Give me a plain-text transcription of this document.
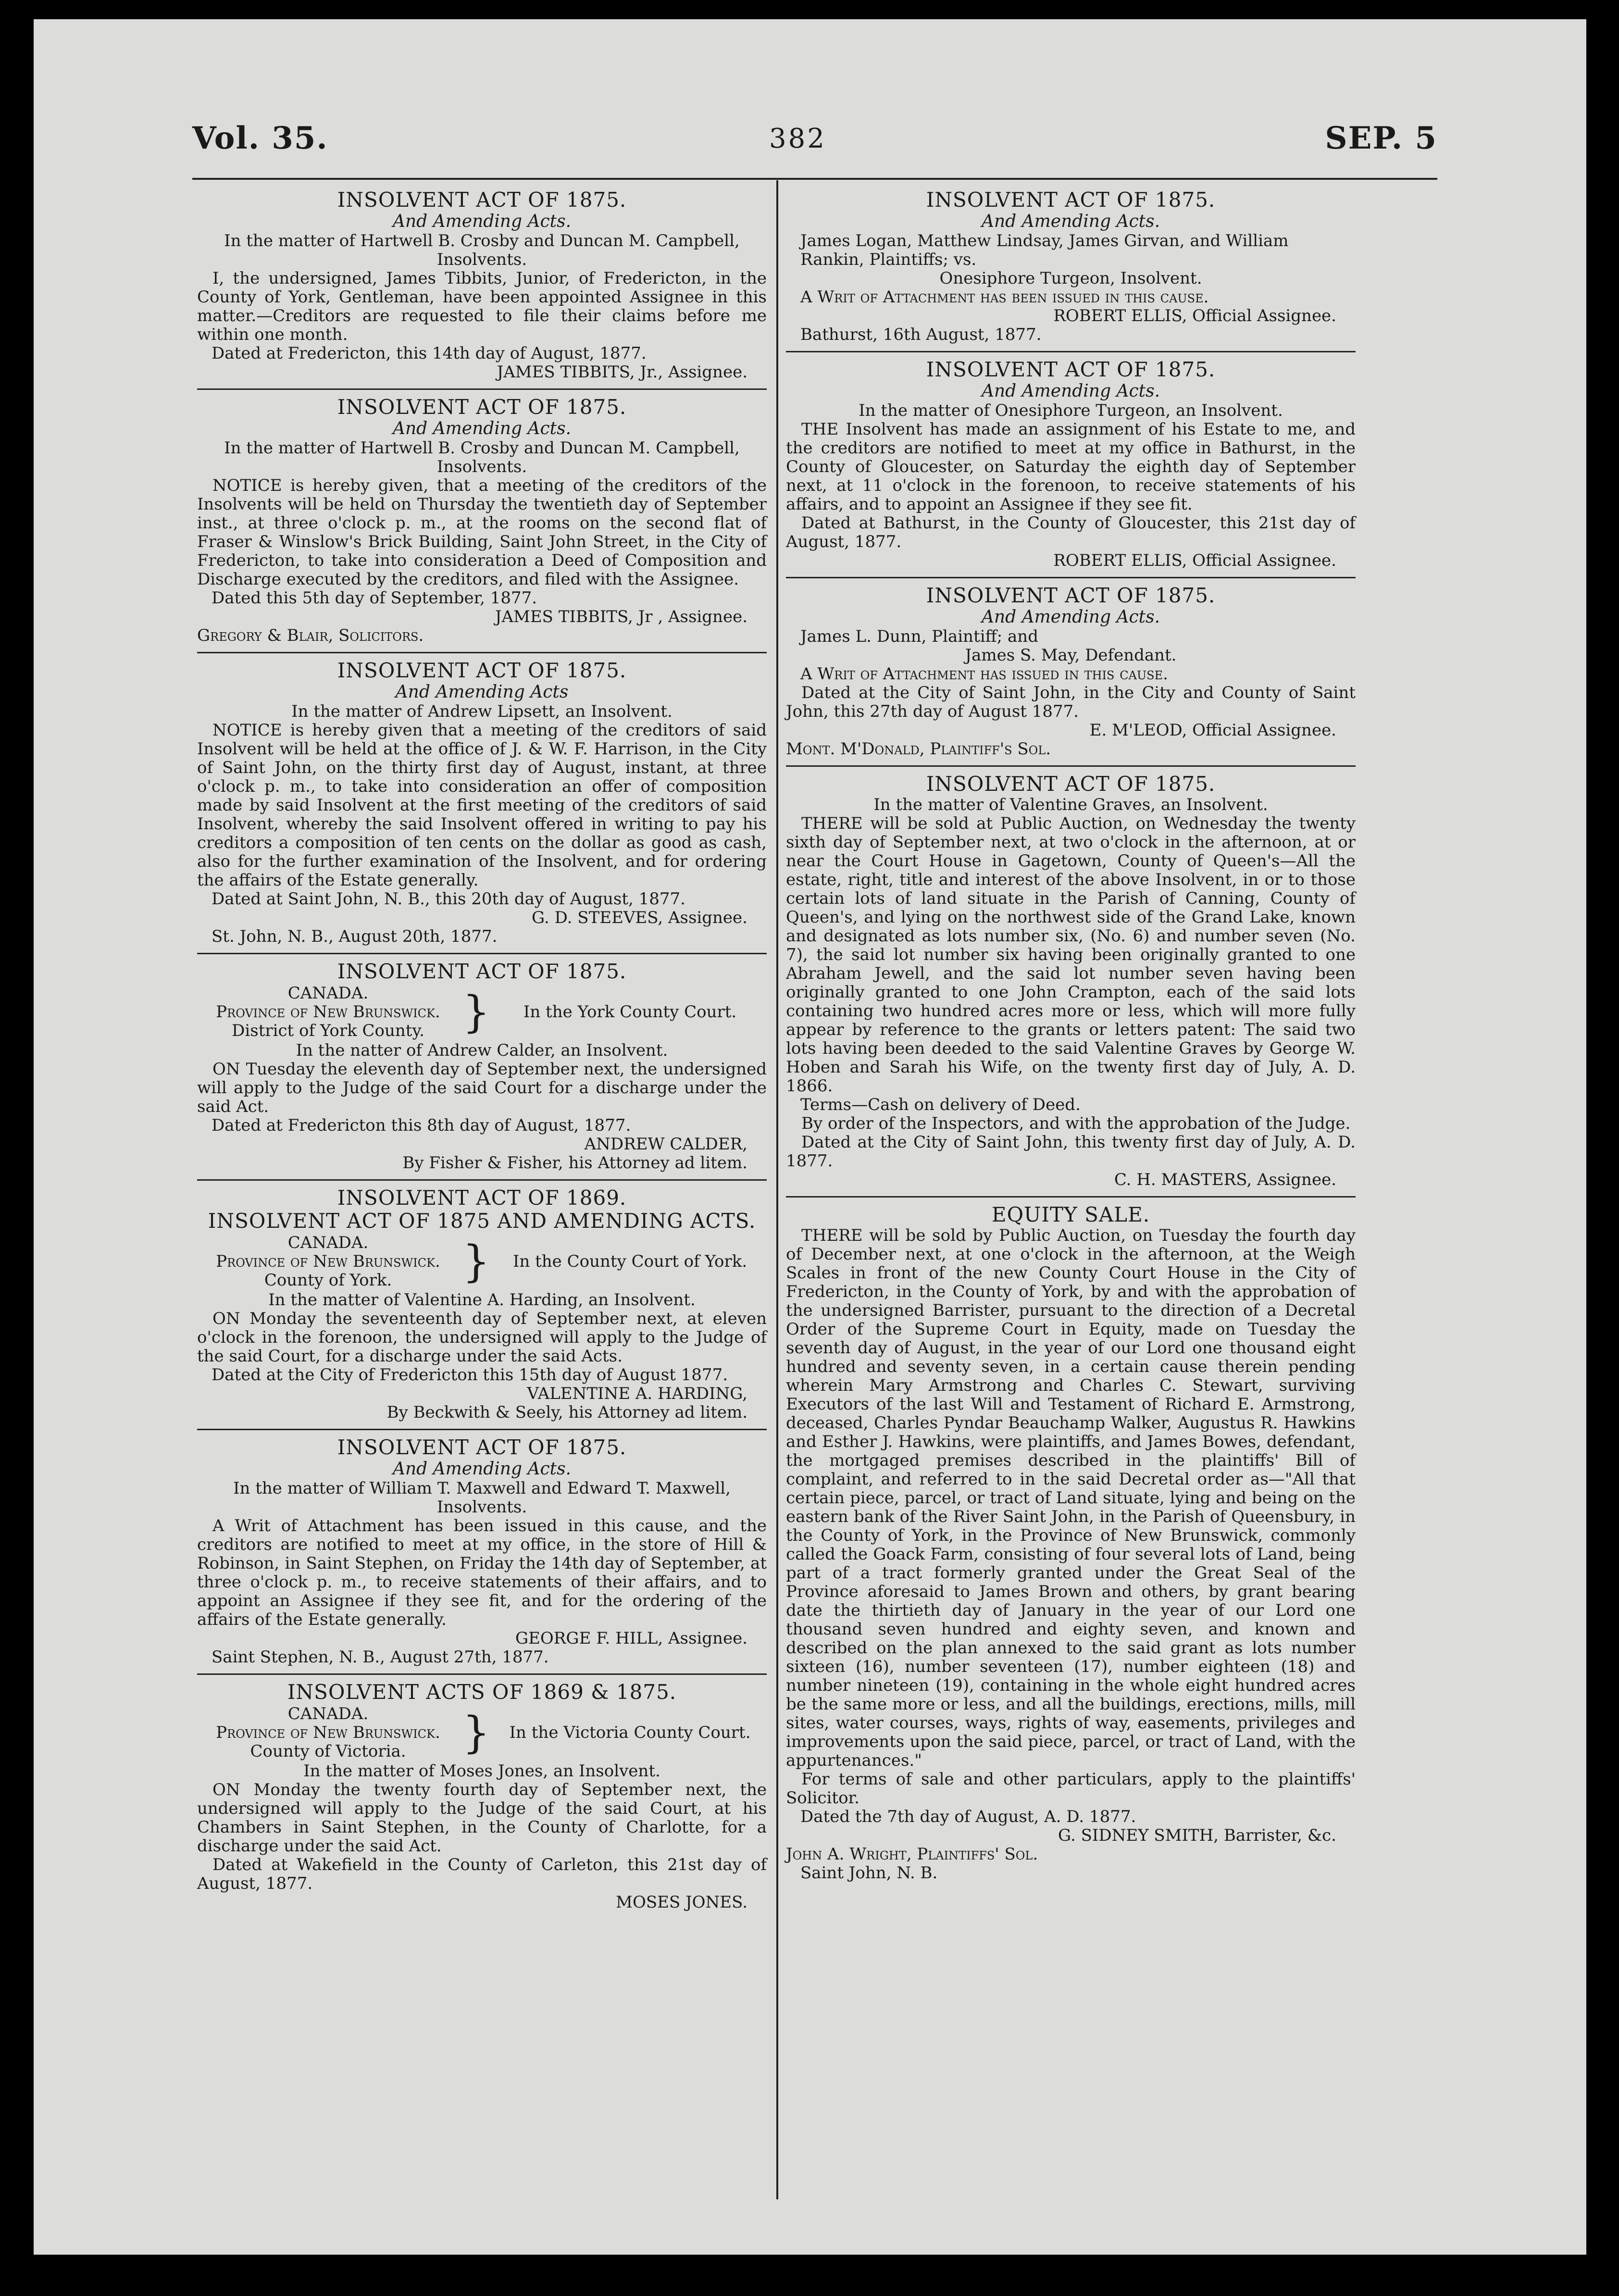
Vol. 35.	382	SEP. 5
INSOLVENT ACT OF 1875.
And Amending Acts.
In the matter of Hartwell B. Crosby and Duncan M. Campbell, Insolvents.
I, the undersigned, James Tibbits, Junior, of Fredericton, in the County of York, Gentleman, have been appointed Assignee in this matter.—Creditors are requested to file their claims before me within one month.
Dated at Fredericton, this 14th day of August, 1877.
JAMES TIBBITS, Jr., Assignee.
INSOLVENT ACT OF 1875.
And Amending Acts.
In the matter of Hartwell B. Crosby and Duncan M. Campbell, Insolvents.
NOTICE is hereby given, that a meeting of the creditors of the Insolvents will be held on Thursday the twentieth day of September inst., at three o'clock p. m., at the rooms on the second flat of Fraser & Winslow's Brick Building, Saint John Street, in the City of Fredericton, to take into consideration a Deed of Composition and Discharge executed by the creditors, and filed with the Assignee.
Dated this 5th day of September, 1877.
JAMES TIBBITS, Jr , Assignee.
Gregory & Blair, Solicitors.
INSOLVENT ACT OF 1875.
And Amending Acts
In the matter of Andrew Lipsett, an Insolvent.
NOTICE is hereby given that a meeting of the creditors of said Insolvent will be held at the office of J. & W. F. Harrison, in the City of Saint John, on the thirty first day of August, instant, at three o'clock p. m., to take into consideration an offer of composition made by said Insolvent at the first meeting of the creditors of said Insolvent, whereby the said Insolvent offered in writing to pay his creditors a composition of ten cents on the dollar as good as cash, also for the further examination of the Insolvent, and for ordering the affairs of the Estate generally.
Dated at Saint John, N. B., this 20th day of August, 1877.
G. D. STEEVES, Assignee.
St. John, N. B., August 20th, 1877.
INSOLVENT ACT OF 1875.
CANADA.
Province of New Brunswick.
District of York County. }	In the York County Court.
In the natter of Andrew Calder, an Insolvent.
ON Tuesday the eleventh day of September next, the undersigned will apply to the Judge of the said Court for a discharge under the said Act.
Dated at Fredericton this 8th day of August, 1877.
ANDREW CALDER,
By Fisher & Fisher, his Attorney ad litem.
INSOLVENT ACT OF 1869.
INSOLVENT ACT OF 1875 AND AMENDING ACTS.
CANADA.
Province of New Brunswick.
County of York.	}	In the County Court of York.
In the matter of Valentine A. Harding, an Insolvent.
ON Monday the seventeenth day of September next, at eleven o'clock in the forenoon, the undersigned will apply to the Judge of the said Court, for a discharge under the said Acts.
Dated at the City of Fredericton this 15th day of August 1877.
VALENTINE A. HARDING,
By Beckwith & Seely, his Attorney ad litem.
INSOLVENT ACT OF 1875.
And Amending Acts.
In the matter of William T. Maxwell and Edward T. Maxwell, Insolvents.
A Writ of Attachment has been issued in this cause, and the creditors are notified to meet at my office, in the store of Hill & Robinson, in Saint Stephen, on Friday the 14th day of September, at three o'clock p. m., to receive statements of their affairs, and to appoint an Assignee if they see fit, and for the ordering of the affairs of the Estate generally.
GEORGE F. HILL, Assignee.
Saint Stephen, N. B., August 27th, 1877.
INSOLVENT ACTS OF 1869 & 1875.
CANADA.
Province of New Brunswick.
County of Victoria.	}	In the Victoria County Court.
In the matter of Moses Jones, an Insolvent.
ON Monday the twenty fourth day of September next, the undersigned will apply to the Judge of the said Court, at his Chambers in Saint Stephen, in the County of Charlotte, for a discharge under the said Act.
Dated at Wakefield in the County of Carleton, this 21st day of August, 1877.
MOSES JONES.
INSOLVENT ACT OF 1875.
And Amending Acts.
James Logan, Matthew Lindsay, James Girvan, and William Rankin, Plaintiffs; vs.
Onesiphore Turgeon, Insolvent.
A Writ of Attachment has been issued in this cause.
ROBERT ELLIS, Official Assignee.
Bathurst, 16th August, 1877.
INSOLVENT ACT OF 1875.
And Amending Acts.
In the matter of Onesiphore Turgeon, an Insolvent.
THE Insolvent has made an assignment of his Estate to me, and the creditors are notified to meet at my office in Bathurst, in the County of Gloucester, on Saturday the eighth day of September next, at 11 o'clock in the forenoon, to receive statements of his affairs, and to appoint an Assignee if they see fit.
Dated at Bathurst, in the County of Gloucester, this 21st day of August, 1877.
ROBERT ELLIS, Official Assignee.
INSOLVENT ACT OF 1875.
And Amending Acts.
James L. Dunn, Plaintiff; and
James S. May, Defendant.
A Writ of Attachment has issued in this cause.
Dated at the City of Saint John, in the City and County of Saint John, this 27th day of August 1877.
E. M'LEOD, Official Assignee.
Mont. M'Donald, Plaintiff's Sol.
INSOLVENT ACT OF 1875.
In the matter of Valentine Graves, an Insolvent.
THERE will be sold at Public Auction, on Wednesday the twenty sixth day of September next, at two o'clock in the afternoon, at or near the Court House in Gagetown, County of Queen's—All the estate, right, title and interest of the above Insolvent, in or to those certain lots of land situate in the Parish of Canning, County of Queen's, and lying on the northwest side of the Grand Lake, known and designated as lots number six, (No. 6) and number seven (No. 7), the said lot number six having been originally granted to one Abraham Jewell, and the said lot number seven having been originally granted to one John Crampton, each of the said lots containing two hundred acres more or less, which will more fully appear by reference to the grants or letters patent: The said two lots having been deeded to the said Valentine Graves by George W. Hoben and Sarah his Wife, on the twenty first day of July, A. D. 1866.
Terms—Cash on delivery of Deed.
By order of the Inspectors, and with the approbation of the Judge.
Dated at the City of Saint John, this twenty first day of July, A. D. 1877.
C. H. MASTERS, Assignee.
EQUITY SALE.
THERE will be sold by Public Auction, on Tuesday the fourth day of December next, at one o'clock in the afternoon, at the Weigh Scales in front of the new County Court House in the City of Fredericton, in the County of York, by and with the approbation of the undersigned Barrister, pursuant to the direction of a Decretal Order of the Supreme Court in Equity, made on Tuesday the seventh day of August, in the year of our Lord one thousand eight hundred and seventy seven, in a certain cause therein pending wherein Mary Armstrong and Charles C. Stewart, surviving Executors of the last Will and Testament of Richard E. Armstrong, deceased, Charles Pyndar Beauchamp Walker, Augustus R. Hawkins and Esther J. Hawkins, were plaintiffs, and James Bowes, defendant, the mortgaged premises described in the plaintiffs' Bill of complaint, and referred to in the said Decretal order as—"All that certain piece, parcel, or tract of Land situate, lying and being on the eastern bank of the River Saint John, in the Parish of Queensbury, in the County of York, in the Province of New Brunswick, commonly called the Goack Farm, consisting of four several lots of Land, being part of a tract formerly granted under the Great Seal of the Province aforesaid to James Brown and others, by grant bearing date the thirtieth day of January in the year of our Lord one thousand seven hundred and eighty seven, and known and described on the plan annexed to the said grant as lots number sixteen (16), number seventeen (17), number eighteen (18) and number nineteen (19), containing in the whole eight hundred acres be the same more or less, and all the buildings, erections, mills, mill sites, water courses, ways, rights of way, easements, privileges and improvements upon the said piece, parcel, or tract of Land, with the appurtenances."
For terms of sale and other particulars, apply to the plaintiffs' Solicitor.
Dated the 7th day of August, A. D. 1877.
G. SIDNEY SMITH, Barrister, &c.
John A. Wright, Plaintiffs' Sol.
Saint John, N. B.
